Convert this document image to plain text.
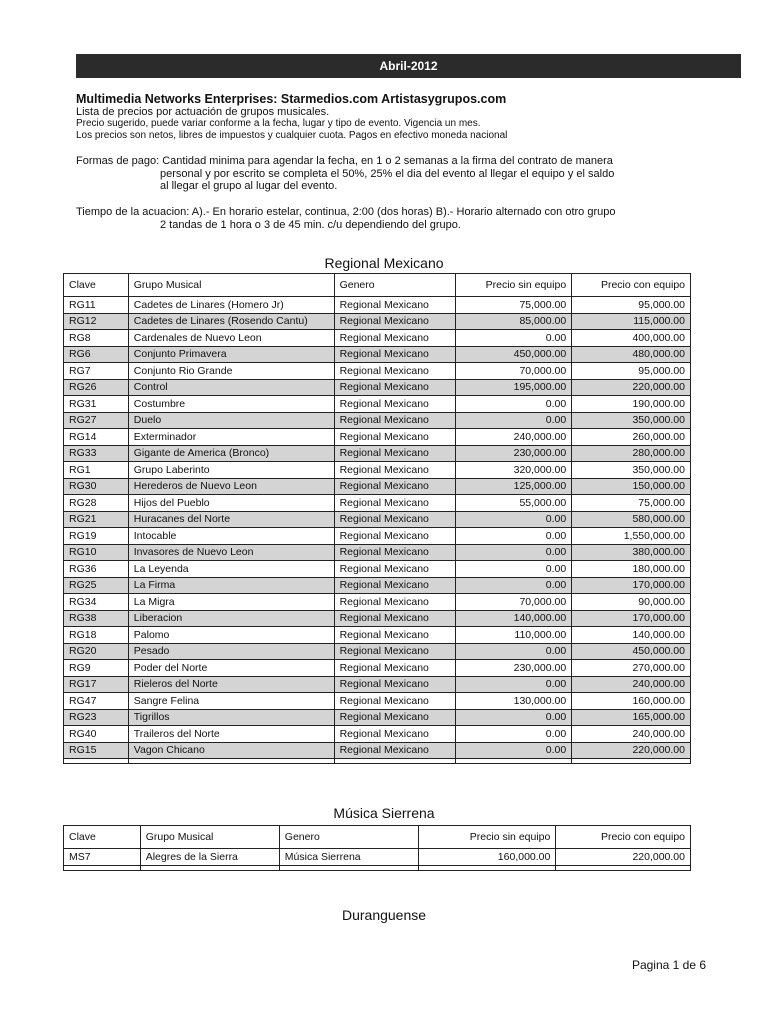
Abril-2012
Multimedia Networks Enterprises: Starmedios.com Artistasygrupos.com
Lista de precios por actuación de grupos musicales.
Precio sugerido, puede variar conforme a la fecha, lugar y tipo de evento. Vigencia un mes.
Los precios son netos, libres de impuestos y cualquier cuota. Pagos en efectivo moneda nacional
Formas de pago: Cantidad minima para agendar la fecha, en 1 o 2 semanas a la firma del contrato de manera
personal y por escrito se completa el 50%, 25% el dia del evento al llegar el equipo y el saldo
al llegar el grupo al lugar del evento.
Tiempo de la acuacion: A).- En horario estelar, continua, 2:00 (dos horas) B).- Horario alternado con otro grupo
2 tandas de 1 hora o 3 de 45 min. c/u dependiendo del grupo.
Regional Mexicano
Clave	Grupo Musical	Genero	Precio sin equipo	Precio con equipo
RG11	Cadetes de Linares (Homero Jr)	Regional Mexicano	75,000.00	95,000.00
RG12	Cadetes de Linares (Rosendo Cantu)	Regional Mexicano	85,000.00	115,000.00
RG8	Cardenales de Nuevo Leon	Regional Mexicano	0.00	400,000.00
RG6	Conjunto Primavera	Regional Mexicano	450,000.00	480,000.00
RG7	Conjunto Rio Grande	Regional Mexicano	70,000.00	95,000.00
RG26	Control	Regional Mexicano	195,000.00	220,000.00
RG31	Costumbre	Regional Mexicano	0.00	190,000.00
RG27	Duelo	Regional Mexicano	0.00	350,000.00
RG14	Exterminador	Regional Mexicano	240,000.00	260,000.00
RG33	Gigante de America (Bronco)	Regional Mexicano	230,000.00	280,000.00
RG1	Grupo Laberinto	Regional Mexicano	320,000.00	350,000.00
RG30	Herederos de Nuevo Leon	Regional Mexicano	125,000.00	150,000.00
RG28	Hijos del Pueblo	Regional Mexicano	55,000.00	75,000.00
RG21	Huracanes del Norte	Regional Mexicano	0.00	580,000.00
RG19	Intocable	Regional Mexicano	0.00	1,550,000.00
RG10	Invasores de Nuevo Leon	Regional Mexicano	0.00	380,000.00
RG36	La Leyenda	Regional Mexicano	0.00	180,000.00
RG25	La Firma	Regional Mexicano	0.00	170,000.00
RG34	La Migra	Regional Mexicano	70,000.00	90,000.00
RG38	Liberacion	Regional Mexicano	140,000.00	170,000.00
RG18	Palomo	Regional Mexicano	110,000.00	140,000.00
RG20	Pesado	Regional Mexicano	0.00	450,000.00
RG9	Poder del Norte	Regional Mexicano	230,000.00	270,000.00
RG17	Rieleros del Norte	Regional Mexicano	0.00	240,000.00
RG47	Sangre Felina	Regional Mexicano	130,000.00	160,000.00
RG23	Tigrillos	Regional Mexicano	0.00	165,000.00
RG40	Traileros del Norte	Regional Mexicano	0.00	240,000.00
RG15	Vagon Chicano	Regional Mexicano	0.00	220,000.00

Música Sierrena
Clave	Grupo Musical	Genero	Precio sin equipo	Precio con equipo
MS7	Alegres de la Sierra	Música Sierrena	160,000.00	220,000.00

Duranguense
Pagina 1 de 6
